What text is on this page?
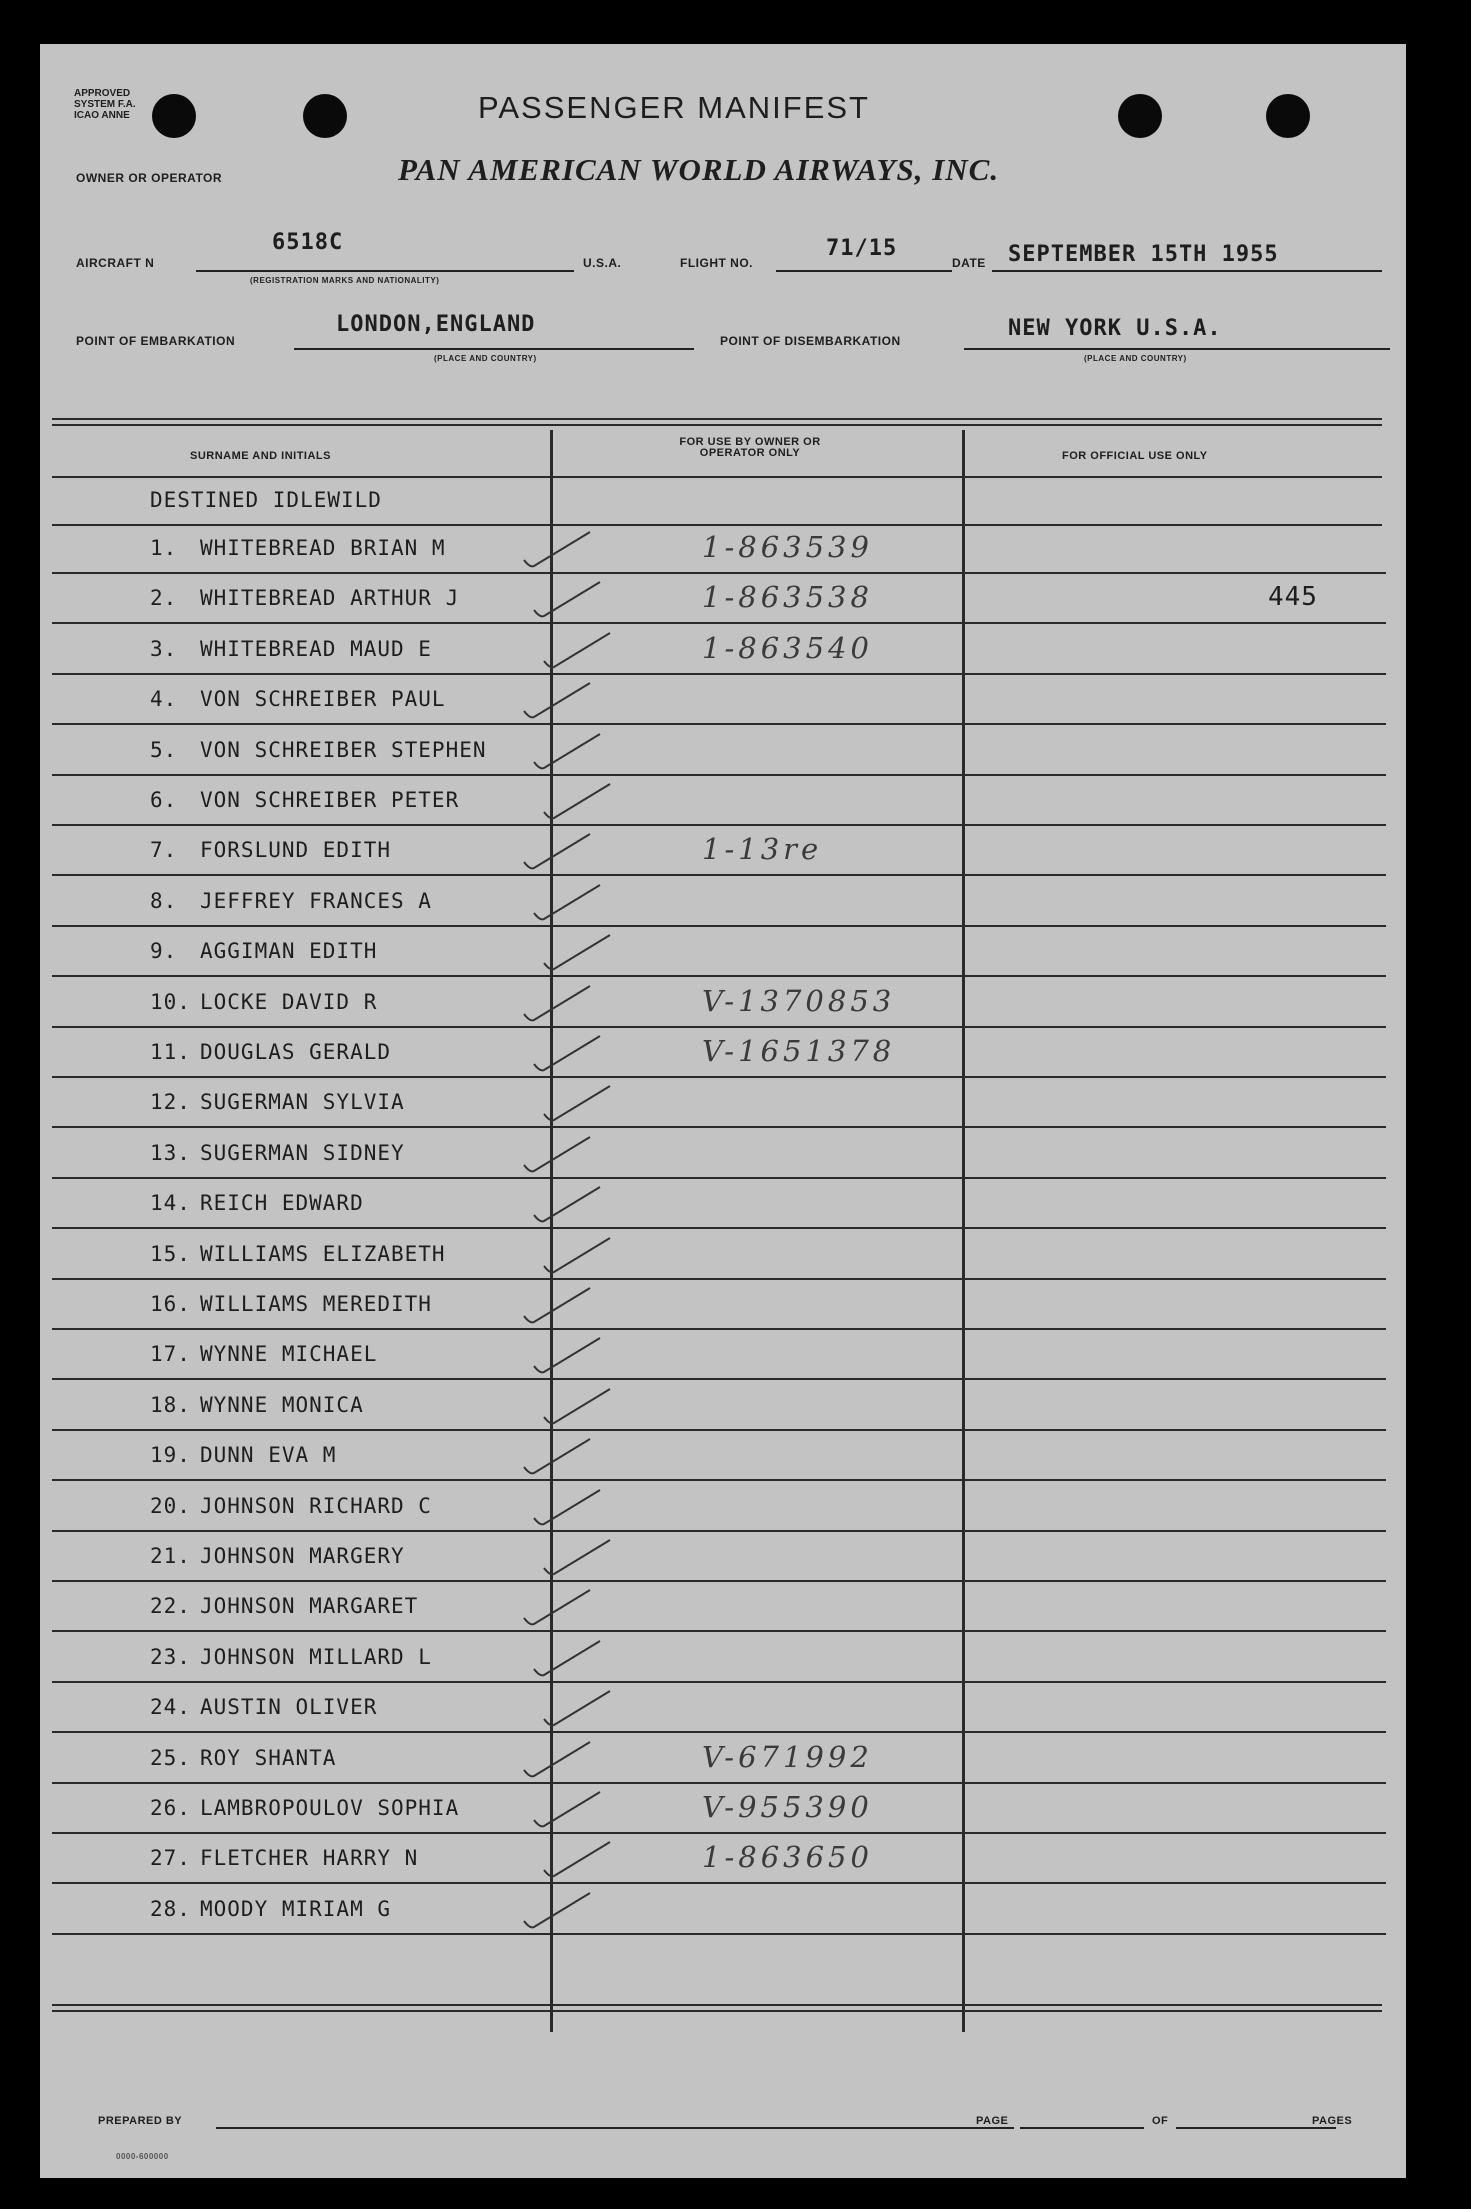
APPROVED
SYSTEM F.A.
ICAO ANNE	PASSENGER MANIFEST
OWNER OR OPERATOR	PAN AMERICAN WORLD AIRWAYS, INC.
AIRCRAFT N
6518C
(REGISTRATION MARKS AND NATIONALITY)
U.S.A.	FLIGHT NO.
71/15
DATE SEPTEMBER 15TH 1955
POINT OF EMBARKATION
LONDON,ENGLAND
(PLACE AND COUNTRY)
POINT OF DISEMBARKATION	NEW YORK U.S.A.
(PLACE AND COUNTRY)
SURNAME AND INITIALS
FOR USE BY OWNER OR OPERATOR ONLY	FOR OFFICIAL USE ONLY
DESTINED IDLEWILD
1. WHITEBREAD BRIAN M	1-863539
2. WHITEBREAD ARTHUR J	1-863538	445
3. WHITEBREAD MAUD E	1-863540
4. VON SCHREIBER PAUL
5. VON SCHREIBER STEPHEN
6. VON SCHREIBER PETER
7. FORSLUND EDITH	1-13re
8. JEFFREY FRANCES A
9. AGGIMAN EDITH
10. LOCKE DAVID R	V-1370853
11. DOUGLAS GERALD	V-1651378
12. SUGERMAN SYLVIA
13. SUGERMAN SIDNEY
14. REICH EDWARD
15. WILLIAMS ELIZABETH
16. WILLIAMS MEREDITH
17. WYNNE MICHAEL
18. WYNNE MONICA
19. DUNN EVA M
20. JOHNSON RICHARD C
21. JOHNSON MARGERY
22. JOHNSON MARGARET
23. JOHNSON MILLARD L
24. AUSTIN OLIVER
25. ROY SHANTA	V-671992
26. LAMBROPOULOV SOPHIA	V-955390
27. FLETCHER HARRY N	1-863650
28. MOODY MIRIAM G
PREPARED BY	PAGE	OF	PAGES
0000-600000
